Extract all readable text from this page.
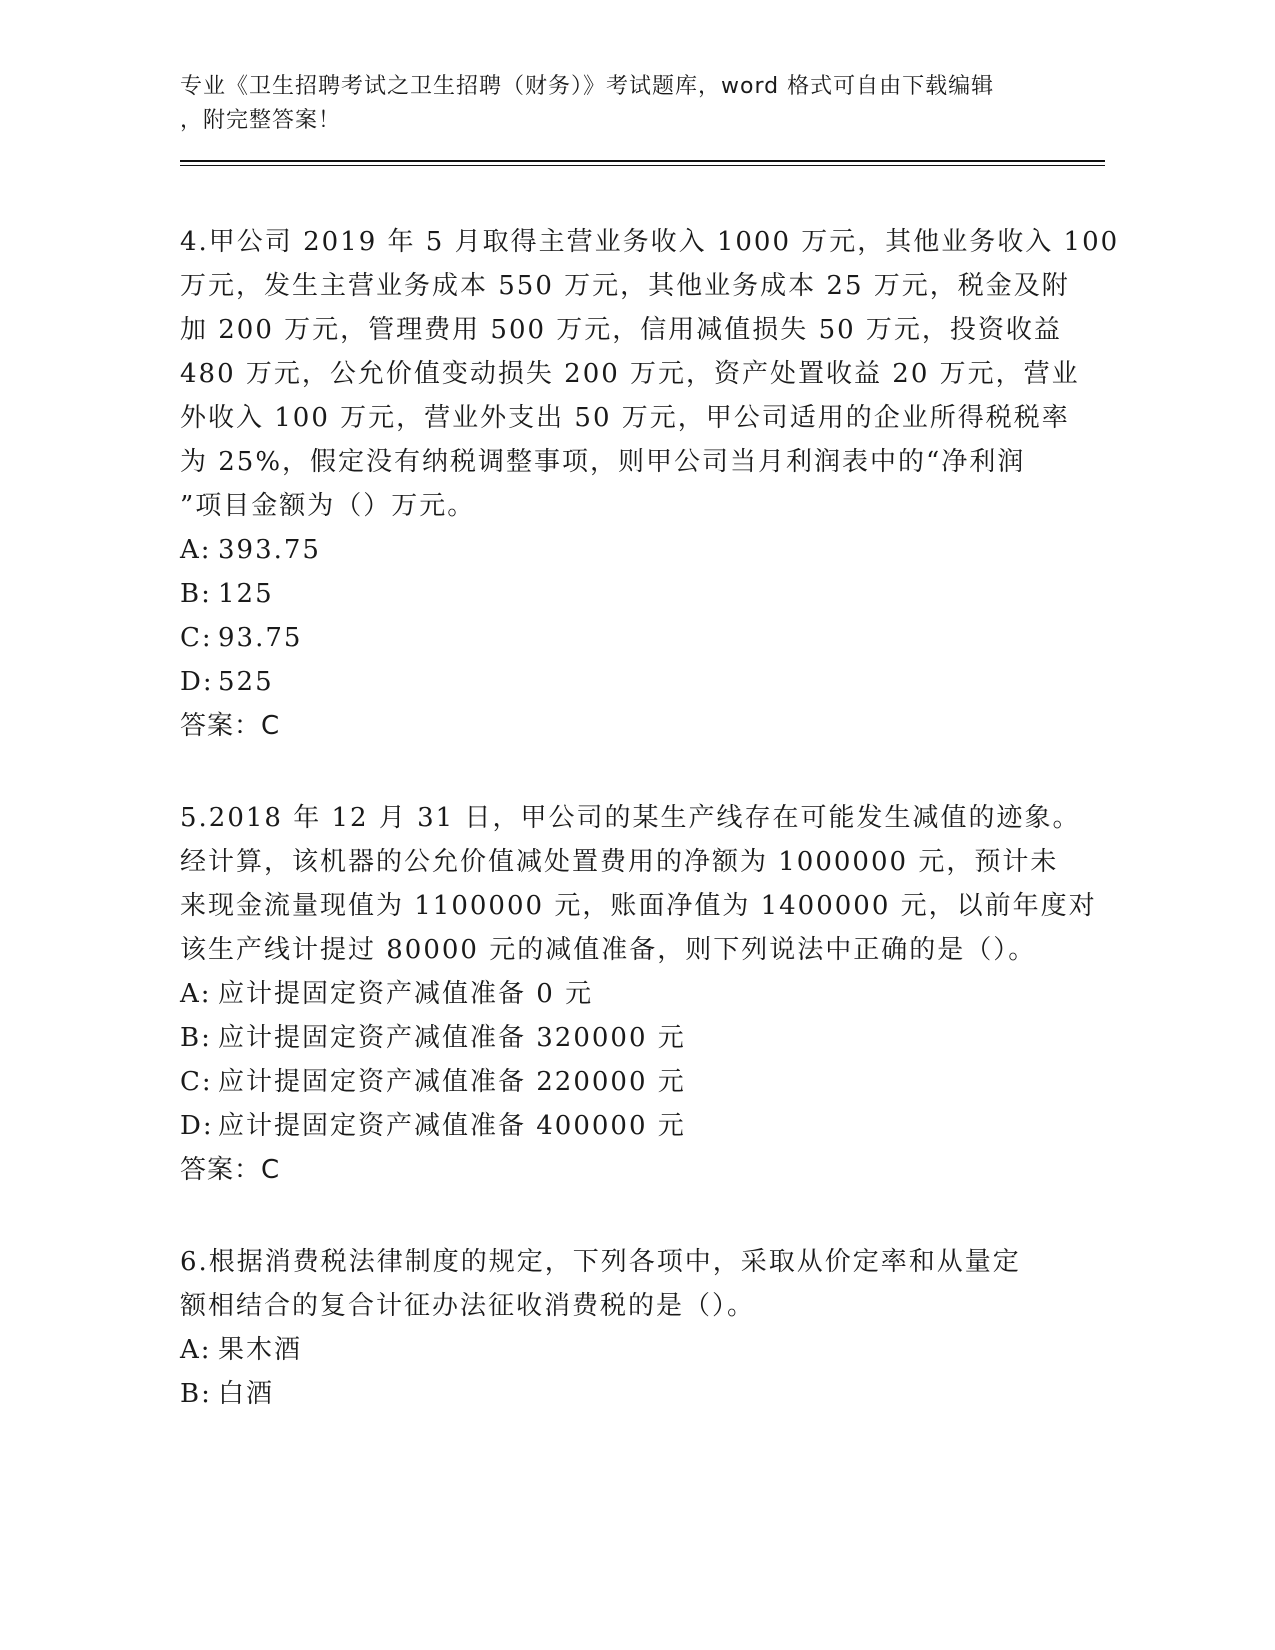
专业《卫生招聘考试之卫生招聘（财务）》考试题库，word 格式可自由下载编辑
，附完整答案！
4.甲公司 2019 年 5 月取得主营业务收入 1000 万元，其他业务收入 100
万元，发生主营业务成本 550 万元，其他业务成本 25 万元，税金及附
加 200 万元，管理费用 500 万元，信用减值损失 50 万元，投资收益
480 万元，公允价值变动损失 200 万元，资产处置收益 20 万元，营业
外收入 100 万元，营业外支出 50 万元，甲公司适用的企业所得税税率
为 25%，假定没有纳税调整事项，则甲公司当月利润表中的“净利润
”项目金额为（）万元。
A: 393.75
B: 125
C: 93.75
D: 525
答案：C
5.2018 年 12 月 31 日，甲公司的某生产线存在可能发生减值的迹象。
经计算，该机器的公允价值减处置费用的净额为 1000000 元，预计未
来现金流量现值为 1100000 元，账面净值为 1400000 元，以前年度对
该生产线计提过 80000 元的减值准备，则下列说法中正确的是（）。
A: 应计提固定资产减值准备 0 元
B: 应计提固定资产减值准备 320000 元
C: 应计提固定资产减值准备 220000 元
D: 应计提固定资产减值准备 400000 元
答案：C
6.根据消费税法律制度的规定，下列各项中，采取从价定率和从量定
额相结合的复合计征办法征收消费税的是（）。
A: 果木酒
B: 白酒
